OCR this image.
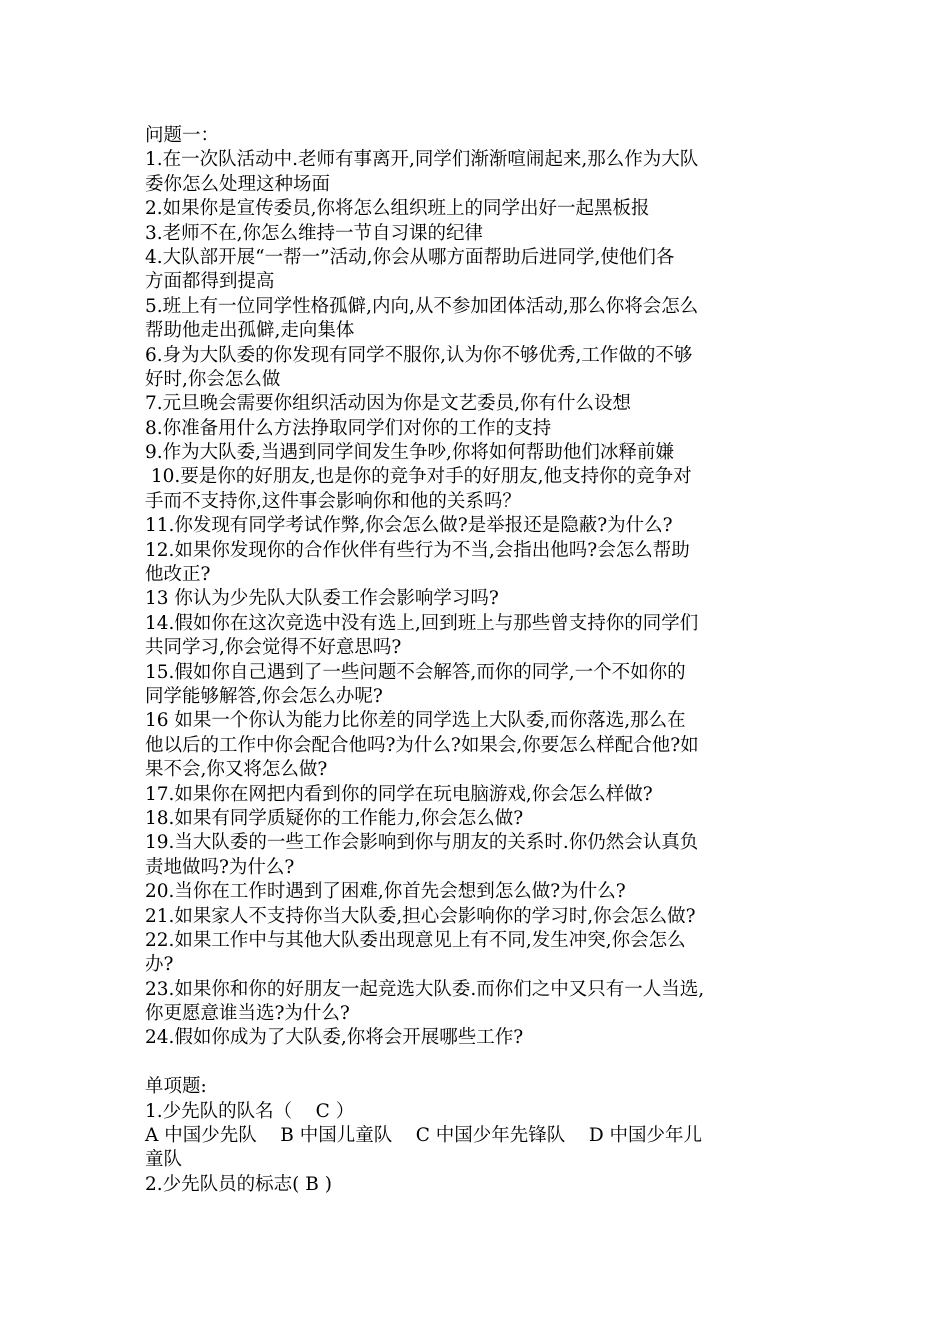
问题一：
1.在一次队活动中.老师有事离开,同学们渐渐喧闹起来,那么作为大队
委你怎么处理这种场面
2.如果你是宣传委员,你将怎么组织班上的同学出好一起黑板报
3.老师不在,你怎么维持一节自习课的纪律
4.大队部开展“一帮一”活动,你会从哪方面帮助后进同学,使他们各
方面都得到提高
5.班上有一位同学性格孤僻,内向,从不参加团体活动,那么你将会怎么
帮助他走出孤僻,走向集体
6.身为大队委的你发现有同学不服你,认为你不够优秀,工作做的不够
好时,你会怎么做
7.元旦晚会需要你组织活动因为你是文艺委员,你有什么设想
8.你准备用什么方法挣取同学们对你的工作的支持
9.作为大队委,当遇到同学间发生争吵,你将如何帮助他们冰释前嫌
10.要是你的好朋友,也是你的竞争对手的好朋友,他支持你的竞争对
手而不支持你,这件事会影响你和他的关系吗？
11.你发现有同学考试作弊,你会怎么做?是举报还是隐蔽?为什么?
12.如果你发现你的合作伙伴有些行为不当,会指出他吗?会怎么帮助
他改正?
13 你认为少先队大队委工作会影响学习吗?
14.假如你在这次竞选中没有选上,回到班上与那些曾支持你的同学们
共同学习,你会觉得不好意思吗?
15.假如你自己遇到了一些问题不会解答,而你的同学,一个不如你的
同学能够解答,你会怎么办呢?
16 如果一个你认为能力比你差的同学选上大队委,而你落选,那么在
他以后的工作中你会配合他吗?为什么?如果会,你要怎么样配合他?如
果不会,你又将怎么做?
17.如果你在网把内看到你的同学在玩电脑游戏,你会怎么样做?
18.如果有同学质疑你的工作能力,你会怎么做?
19.当大队委的一些工作会影响到你与朋友的关系时.你仍然会认真负
责地做吗?为什么?
20.当你在工作时遇到了困难,你首先会想到怎么做?为什么?
21.如果家人不支持你当大队委,担心会影响你的学习时,你会怎么做?
22.如果工作中与其他大队委出现意见上有不同,发生冲突,你会怎么
办?
23.如果你和你的好朋友一起竞选大队委.而你们之中又只有一人当选,
你更愿意谁当选?为什么?
24.假如你成为了大队委,你将会开展哪些工作?
单项题:
1.少先队的队名（    C ）
A 中国少先队    B 中国儿童队    C 中国少年先锋队    D 中国少年儿
童队
2.少先队员的标志( B )
